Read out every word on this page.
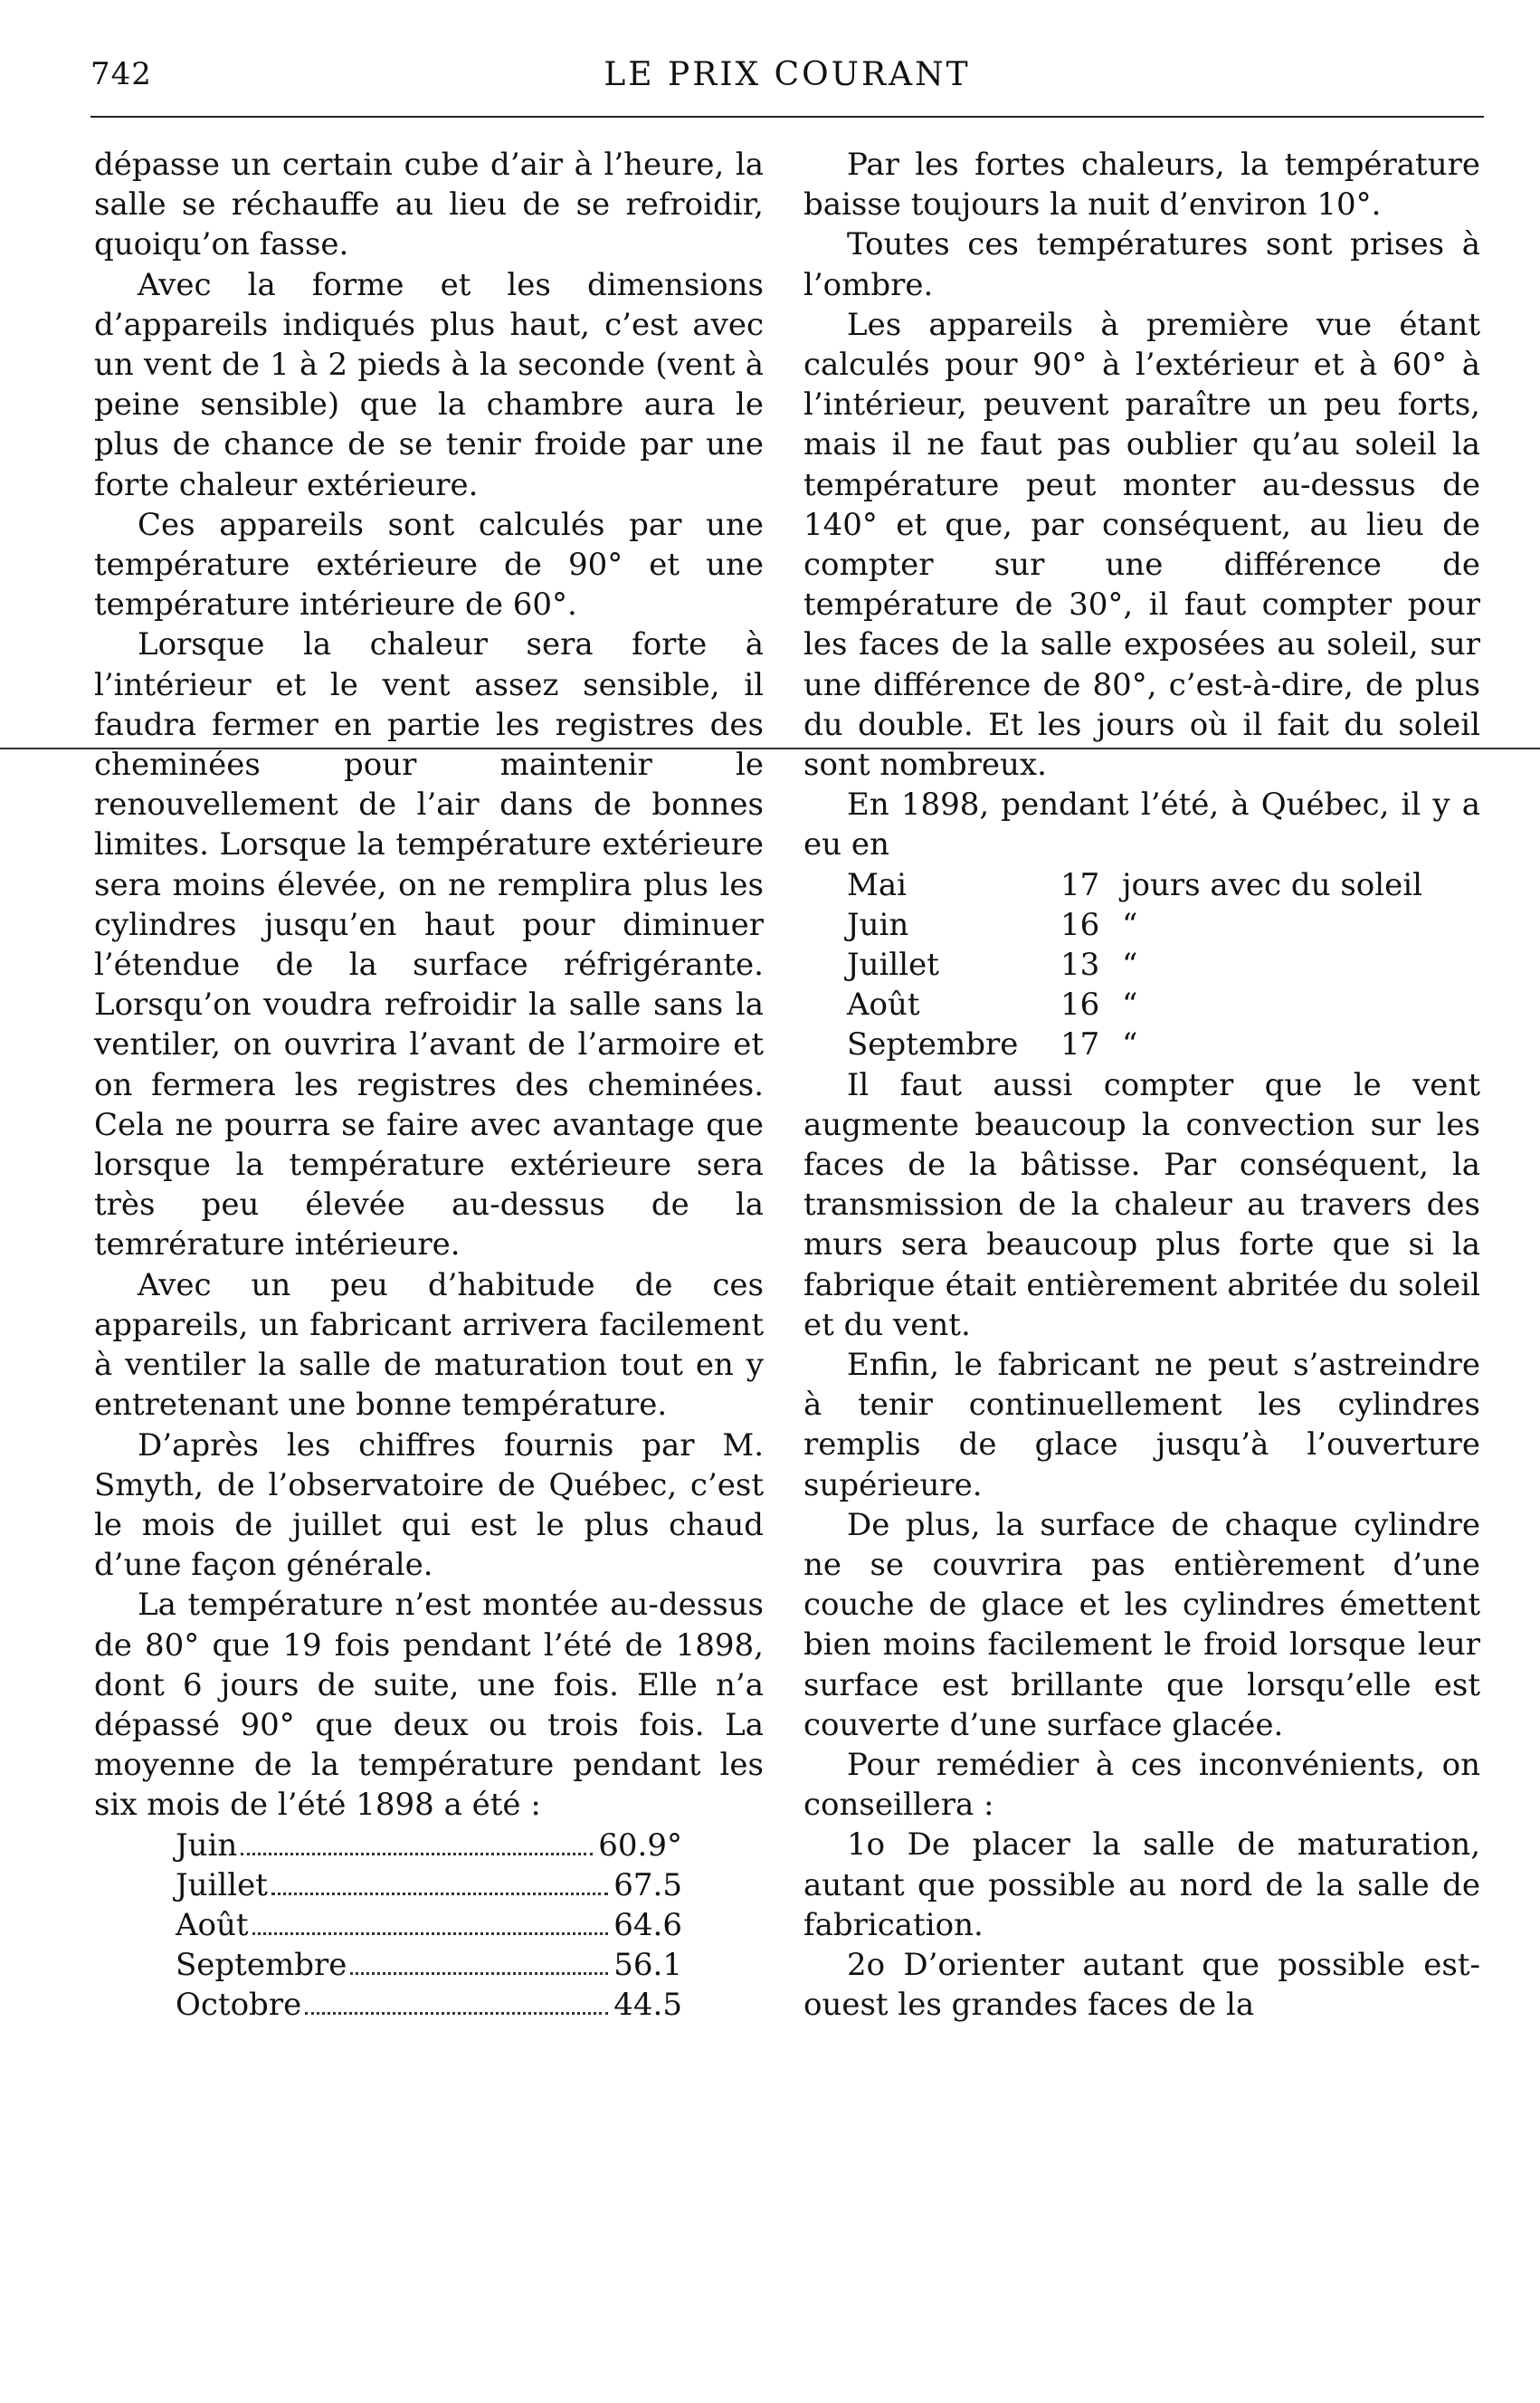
742	LE PRIX COURANT

dépasse un certain cube d’air à l’heure, la salle se réchauffe au lieu de se refroidir, quoiqu’on fasse.

Avec la forme et les dimensions d’appareils indiqués plus haut, c’est avec un vent de 1 à 2 pieds à la seconde (vent à peine sensible) que la chambre aura le plus de chance de se tenir froide par une forte chaleur extérieure.

Ces appareils sont calculés par une température extérieure de 90° et une température intérieure de 60°.

Lorsque la chaleur sera forte à l’intérieur et le vent assez sensible, il faudra fermer en partie les registres des cheminées pour maintenir le renouvellement de l’air dans de bonnes limites. Lorsque la température extérieure sera moins élevée, on ne remplira plus les cylindres jusqu’en haut pour diminuer l’étendue de la surface réfrigérante. Lorsqu’on voudra refroidir la salle sans la ventiler, on ouvrira l’avant de l’armoire et on fermera les registres des cheminées. Cela ne pourra se faire avec avantage que lorsque la température extérieure sera très peu élevée au-dessus de la temrérature intérieure.

Avec un peu d’habitude de ces appareils, un fabricant arrivera facilement à ventiler la salle de maturation tout en y entretenant une bonne température.

D’après les chiffres fournis par M. Smyth, de l’observatoire de Québec, c’est le mois de juillet qui est le plus chaud d’une façon générale.

La température n’est montée au-dessus de 80° que 19 fois pendant l’été de 1898, dont 6 jours de suite, une fois. Elle n’a dépassé 90° que deux ou trois fois. La moyenne de la température pendant les six mois de l’été 1898 a été :

Juin	60.9°
Juillet	67.5
Août	64.6
Septembre	56.1
Octobre	44.5

Par les fortes chaleurs, la température baisse toujours la nuit d’environ 10°.

Toutes ces températures sont prises à l’ombre.

Les appareils à première vue étant calculés pour 90° à l’extérieur et à 60° à l’intérieur, peuvent paraître un peu forts, mais il ne faut pas oublier qu’au soleil la température peut monter au-dessus de 140° et que, par conséquent, au lieu de compter sur une différence de température de 30°, il faut compter pour les faces de la salle exposées au soleil, sur une différence de 80°, c’est-à-dire, de plus du double. Et les jours où il fait du soleil sont nombreux.

En 1898, pendant l’été, à Québec, il y a eu en

Mai	17 jours avec du soleil
Juin	16 “
Juillet	13 “
Août	16 “
Septembre	17 “

Il faut aussi compter que le vent augmente beaucoup la convection sur les faces de la bâtisse. Par conséquent, la transmission de la chaleur au travers des murs sera beaucoup plus forte que si la fabrique était entièrement abritée du soleil et du vent.

Enfin, le fabricant ne peut s’astreindre à tenir continuellement les cylindres remplis de glace jusqu’à l’ouverture supérieure.

De plus, la surface de chaque cylindre ne se couvrira pas entièrement d’une couche de glace et les cylindres émettent bien moins facilement le froid lorsque leur surface est brillante que lorsqu’elle est couverte d’une surface glacée.

Pour remédier à ces inconvénients, on conseillera :

1o De placer la salle de maturation, autant que possible au nord de la salle de fabrication.

2o D’orienter autant que possible est-ouest les grandes faces de la
